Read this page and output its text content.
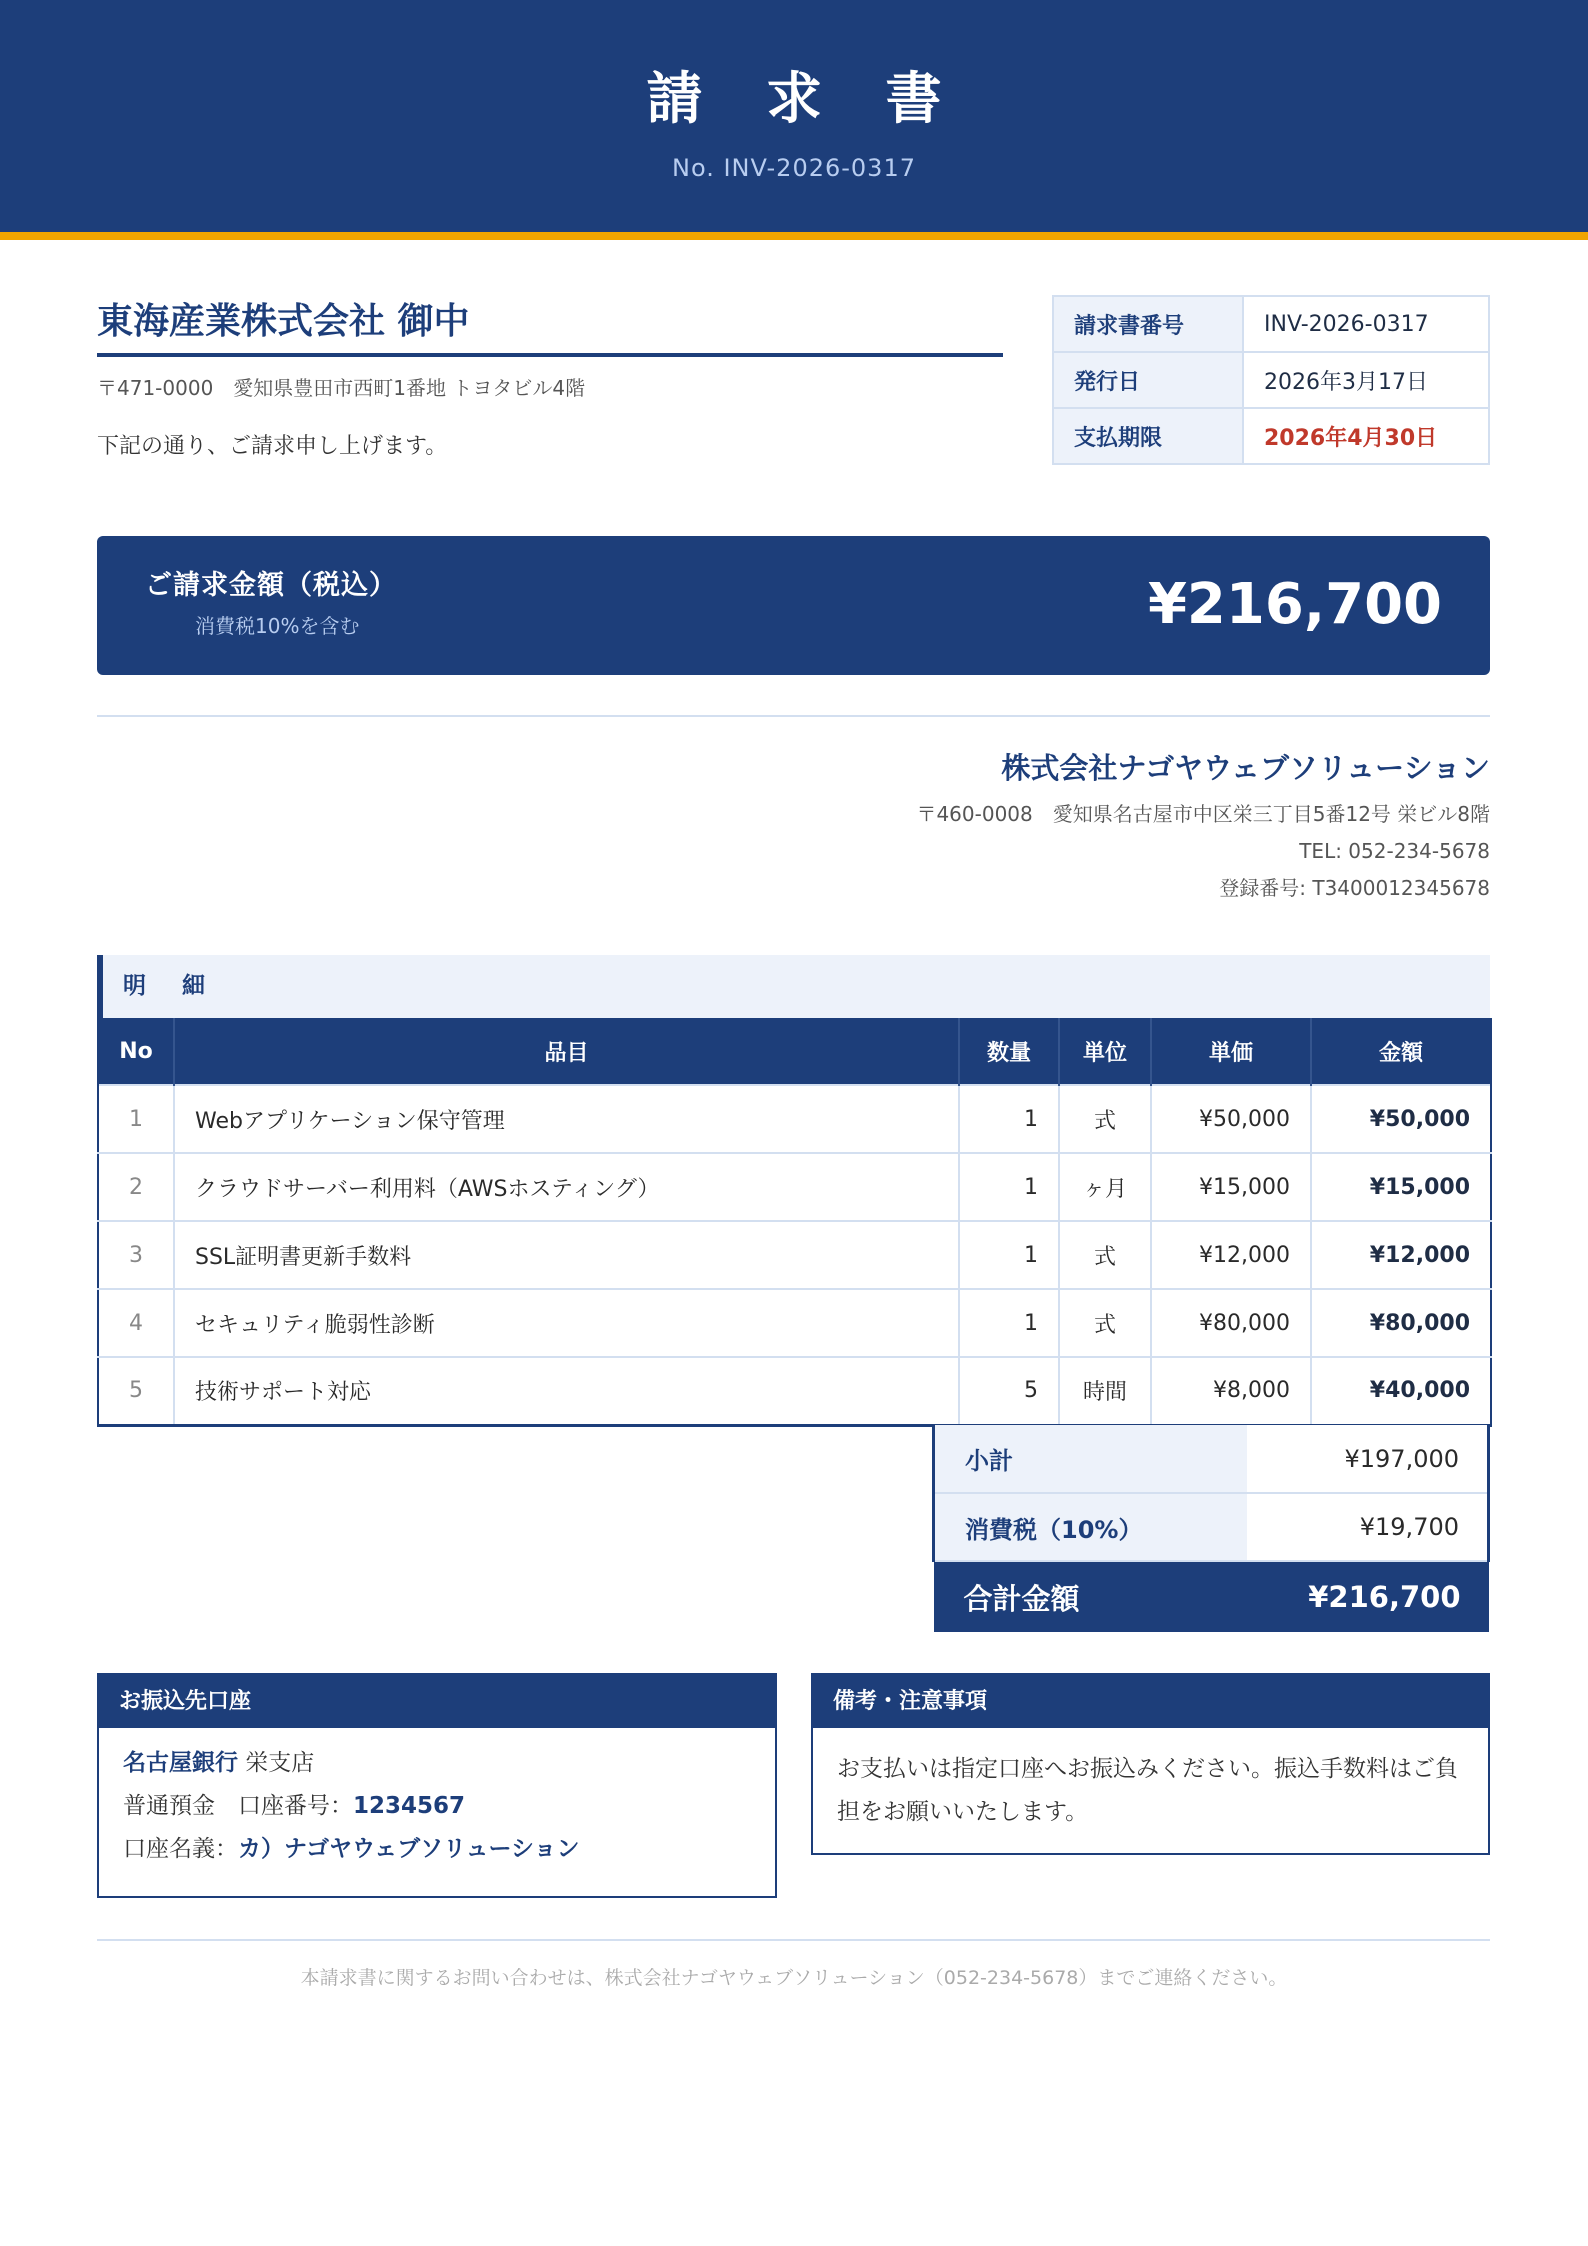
請 求 書
No. INV-2026-0317
東海産業株式会社 御中
〒471-0000　愛知県豊田市西町1番地 トヨタビル4階
下記の通り、ご請求申し上げます。
請求書番号	INV-2026-0317
発行日	2026年3月17日
支払期限	2026年4月30日
ご請求金額（税込）
消費税10%を含む	¥216,700
株式会社ナゴヤウェブソリューション
〒460-0008　愛知県名古屋市中区栄三丁目5番12号 栄ビル8階
TEL: 052-234-5678
登録番号: T3400012345678
明 細
No	品目	数量	単位	単価	金額
1	Webアプリケーション保守管理	1	式	¥50,000	¥50,000
2	クラウドサーバー利用料（AWSホスティング）	1	ヶ月	¥15,000	¥15,000
3	SSL証明書更新手数料	1	式	¥12,000	¥12,000
4	セキュリティ脆弱性診断	1	式	¥80,000	¥80,000
5	技術サポート対応	5	時間	¥8,000	¥40,000
小計	¥197,000
消費税（10%）	¥19,700
合計金額	¥216,700
お振込先口座
名古屋銀行 栄支店
普通預金　口座番号：1234567
口座名義：カ）ナゴヤウェブソリューション
備考・注意事項
お支払いは指定口座へお振込みください。振込手数料はご負担をお願いいたします。
本請求書に関するお問い合わせは、株式会社ナゴヤウェブソリューション（052-234-5678）までご連絡ください。
